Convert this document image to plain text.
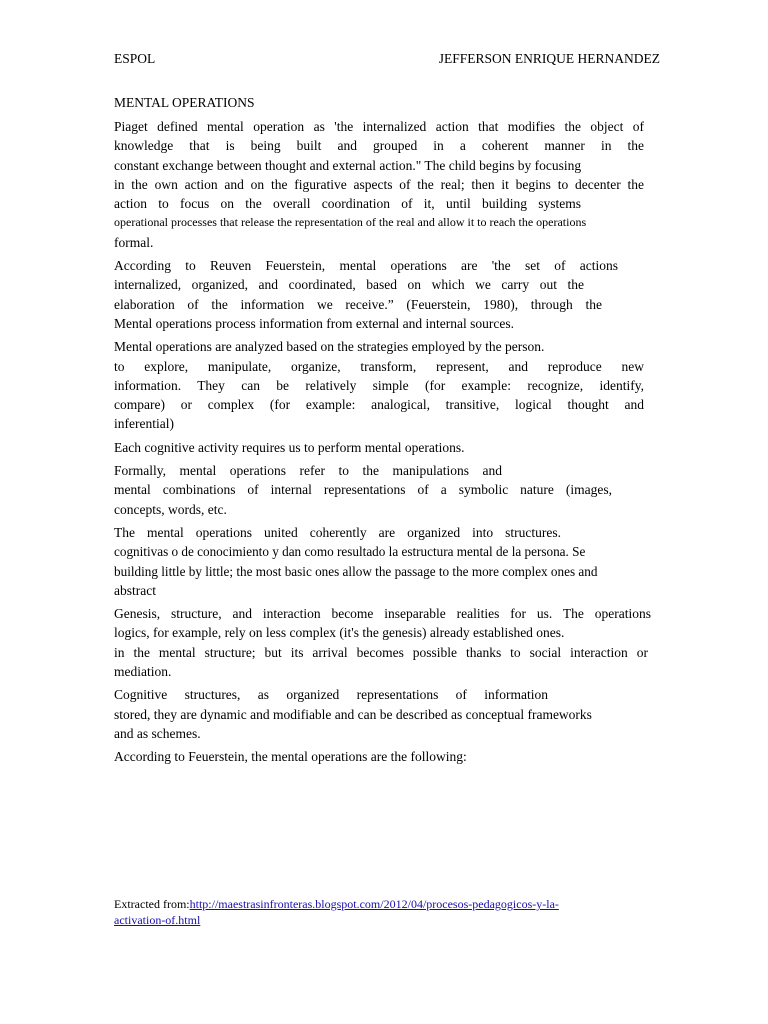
ESPOL	JEFFERSON ENRIQUE HERNANDEZ
MENTAL OPERATIONS
Piaget defined mental operation as 'the internalized action that modifies the object of
knowledge that is being built and grouped in a coherent manner in the
constant exchange between thought and external action." The child begins by focusing
in the own action and on the figurative aspects of the real; then it begins to decenter the
action to focus on the overall coordination of it, until building systems
operational processes that release the representation of the real and allow it to reach the operations
formal.
According to Reuven Feuerstein, mental operations are 'the set of actions
internalized, organized, and coordinated, based on which we carry out the
elaboration of the information we receive.” (Feuerstein, 1980), through the
Mental operations process information from external and internal sources.
Mental operations are analyzed based on the strategies employed by the person.
to explore, manipulate, organize, transform, represent, and reproduce new
information. They can be relatively simple (for example: recognize, identify,
compare) or complex (for example: analogical, transitive, logical thought and
inferential)
Each cognitive activity requires us to perform mental operations.
Formally, mental operations refer to the manipulations and
mental combinations of internal representations of a symbolic nature (images,
concepts, words, etc.
The mental operations united coherently are organized into structures.
cognitivas o de conocimiento y dan como resultado la estructura mental de la persona. Se
building little by little; the most basic ones allow the passage to the more complex ones and
abstract
Genesis, structure, and interaction become inseparable realities for us. The operations
logics, for example, rely on less complex (it's the genesis) already established ones.
in the mental structure; but its arrival becomes possible thanks to social interaction or
mediation.
Cognitive structures, as organized representations of information
stored, they are dynamic and modifiable and can be described as conceptual frameworks
and as schemes.
According to Feuerstein, the mental operations are the following:
Extracted from:http://maestrasinfronteras.blogspot.com/2012/04/procesos-pedagogicos-y-la-
activation-of.html
